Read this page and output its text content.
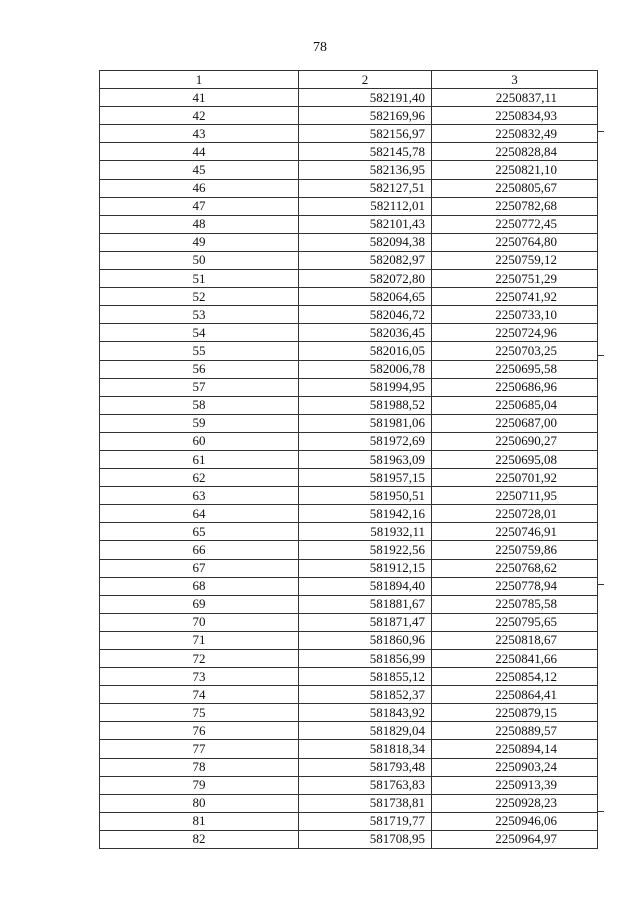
78
1	2	3
41	582191,40	2250837,11
42	582169,96	2250834,93
43	582156,97	2250832,49
44	582145,78	2250828,84
45	582136,95	2250821,10
46	582127,51	2250805,67
47	582112,01	2250782,68
48	582101,43	2250772,45
49	582094,38	2250764,80
50	582082,97	2250759,12
51	582072,80	2250751,29
52	582064,65	2250741,92
53	582046,72	2250733,10
54	582036,45	2250724,96
55	582016,05	2250703,25
56	582006,78	2250695,58
57	581994,95	2250686,96
58	581988,52	2250685,04
59	581981,06	2250687,00
60	581972,69	2250690,27
61	581963,09	2250695,08
62	581957,15	2250701,92
63	581950,51	2250711,95
64	581942,16	2250728,01
65	581932,11	2250746,91
66	581922,56	2250759,86
67	581912,15	2250768,62
68	581894,40	2250778,94
69	581881,67	2250785,58
70	581871,47	2250795,65
71	581860,96	2250818,67
72	581856,99	2250841,66
73	581855,12	2250854,12
74	581852,37	2250864,41
75	581843,92	2250879,15
76	581829,04	2250889,57
77	581818,34	2250894,14
78	581793,48	2250903,24
79	581763,83	2250913,39
80	581738,81	2250928,23
81	581719,77	2250946,06
82	581708,95	2250964,97
